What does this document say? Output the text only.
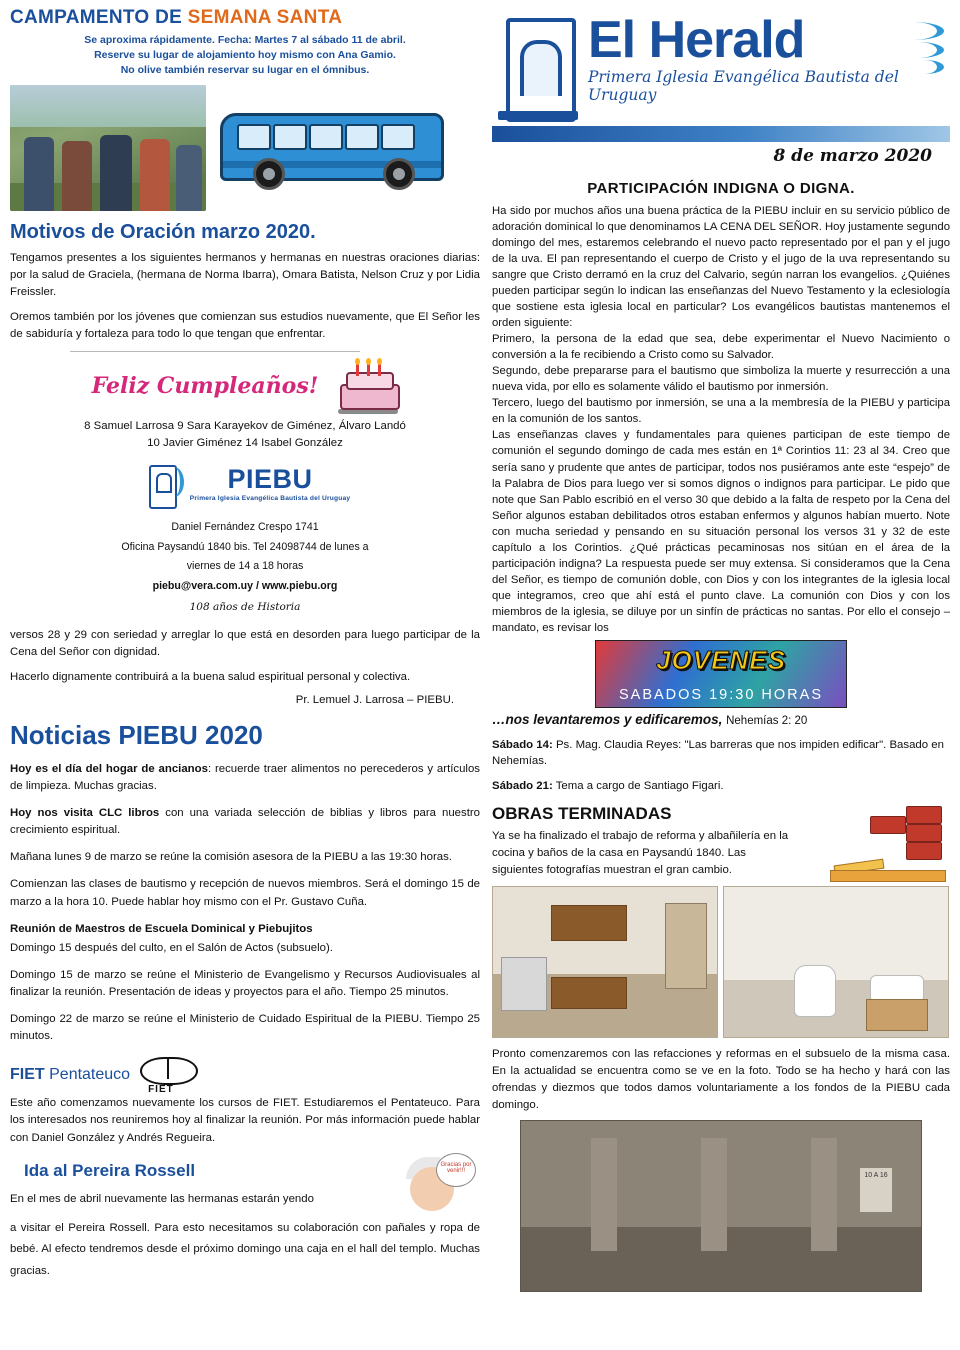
CAMPAMENTO DE SEMANA SANTA
Se aproxima rápidamente. Fecha: Martes 7 al sábado 11 de abril.
Reserve su lugar de alojamiento hoy mismo con Ana Gamio.
No olive también reservar su lugar en el ómnibus.
Motivos de Oración marzo 2020.

Tengamos presentes a los siguientes hermanos y hermanas en nuestras oraciones diarias: por la salud de Graciela, (hermana de Norma Ibarra), Omara Batista, Nelson Cruz y por Lidia Freissler.

Oremos también por los jóvenes que comienzan sus estudios nuevamente, que El Señor les de sabiduría y fortaleza para todo lo que tengan que enfrentar.

Feliz Cumpleaños!
8 Samuel Larrosa 9 Sara Karayekov de Giménez, Álvaro Landó
10 Javier Giménez 14 Isabel González
PIEBU
Primera Iglesia Evangélica Bautista del Uruguay
Daniel Fernández Crespo 1741
Oficina Paysandú 1840 bis. Tel 24098744 de lunes a
viernes de 14 a 18 horas
piebu@vera.com.uy / www.piebu.org
108 años de Historia

versos 28 y 29 con seriedad y arreglar lo que está en desorden para luego participar de la Cena del Señor con dignidad.

Hacerlo dignamente contribuirá a la buena salud espiritual personal y colectiva.

Pr. Lemuel J. Larrosa – PIEBU.
Noticias PIEBU 2020

Hoy es el día del hogar de ancianos: recuerde traer alimentos no perecederos y artículos de limpieza. Muchas gracias.

Hoy nos visita CLC libros con una variada selección de biblias y libros para nuestro crecimiento espiritual.

Mañana lunes 9 de marzo se reúne la comisión asesora de la PIEBU a las 19:30 horas.

Comienzan las clases de bautismo y recepción de nuevos miembros. Será el domingo 15 de marzo a la hora 10. Puede hablar hoy mismo con el Pr. Gustavo Cuña.

Reunión de Maestros de Escuela Dominical y Piebujitos

Domingo 15 después del culto, en el Salón de Actos (subsuelo).

Domingo 15 de marzo se reúne el Ministerio de Evangelismo y Recursos Audiovisuales al finalizar la reunión. Presentación de ideas y proyectos para el año. Tiempo 25 minutos.

Domingo 22 de marzo se reúne el Ministerio de Cuidado Espiritual de la PIEBU. Tiempo 25 minutos.

FIET Pentateuco
FIET

Este año comenzamos nuevamente los cursos de FIET. Estudiaremos el Pentateuco. Para los interesados nos reuniremos hoy al finalizar la reunión. Por más información puede hablar con Daniel González y Andrés Regueira.

Ida al Pereira Rossell	Gracias por venir!!!

En el mes de abril nuevamente las hermanas estarán yendo

a visitar el Pereira Rossell. Para esto necesitamos su colaboración con pañales y ropa de bebé. Al efecto tendremos desde el próximo domingo una caja en el hall del templo. Muchas gracias.

El Herald
Primera Iglesia Evangélica Bautista del Uruguay
8 de marzo 2020
PARTICIPACIÓN INDIGNA O DIGNA.

Ha sido por muchos años una buena práctica de la PIEBU incluir en su servicio público de adoración dominical lo que denominamos LA CENA DEL SEÑOR. Hoy justamente segundo domingo del mes, estaremos celebrando el nuevo pacto representado por el pan y el jugo de la uva. El pan representando el cuerpo de Cristo y el jugo de la uva representando su sangre que Cristo derramó en la cruz del Calvario, según narran los evangelios. ¿Quiénes pueden participar según lo indican las enseñanzas del Nuevo Testamento y la eclesiología que sostiene esta iglesia local en particular? Los evangélicos bautistas mantenemos el orden siguiente:

Primero, la persona de la edad que sea, debe experimentar el Nuevo Nacimiento o conversión a la fe recibiendo a Cristo como su Salvador.

Segundo, debe prepararse para el bautismo que simboliza la muerte y resurrección a una nueva vida, por ello es solamente válido el bautismo por inmersión.

Tercero, luego del bautismo por inmersión, se una a la membresía de la PIEBU y participa en la comunión de los santos.

Las enseñanzas claves y fundamentales para quienes participan de este tiempo de comunión el segundo domingo de cada mes están en 1ª Corintios 11: 23 al 34. Creo que sería sano y prudente que antes de participar, todos nos pusiéramos ante este “espejo” de la Palabra de Dios para luego ver si somos dignos o indignos para participar. Le pido que note que San Pablo escribió en el verso 30 que debido a la falta de respeto por la Cena del Señor algunos estaban debilitados otros estaban enfermos y algunos habían muerto. Note con mucha seriedad y pensando en su situación personal los versos 31 y 32 de este capítulo a los Corintios. ¿Qué prácticas pecaminosas nos sitúan en el área de la participación indigna? La respuesta puede ser muy extensa. Si consideramos que la Cena del Señor, es tiempo de comunión doble, con Dios y con los integrantes de la iglesia local que integramos, creo que ahí está el punto clave. La comunión con Dios y con los miembros de la iglesia, se diluye por un sinfín de prácticas no santas. Por ello el consejo – mandato, es revisar los

JOVENES
SABADOS 19:30 HORAS
…nos levantaremos y edificaremos, Nehemías 2: 20

Sábado 14: Ps. Mag. Claudia Reyes: "Las barreras que nos impiden edificar". Basado en Nehemías.

Sábado 21: Tema a cargo de Santiago Figari.

OBRAS TERMINADAS

Ya se ha finalizado el trabajo de reforma y albañilería en la cocina y baños de la casa en Paysandú 1840. Las siguientes fotografías muestran el gran cambio.

Pronto comenzaremos con las refacciones y reformas en el subsuelo de la misma casa. En la actualidad se encuentra como se ve en la foto. Todo se ha hecho y hará con las ofrendas y diezmos que todos damos voluntariamente a los fondos de la PIEBU cada domingo.

10 A 16
